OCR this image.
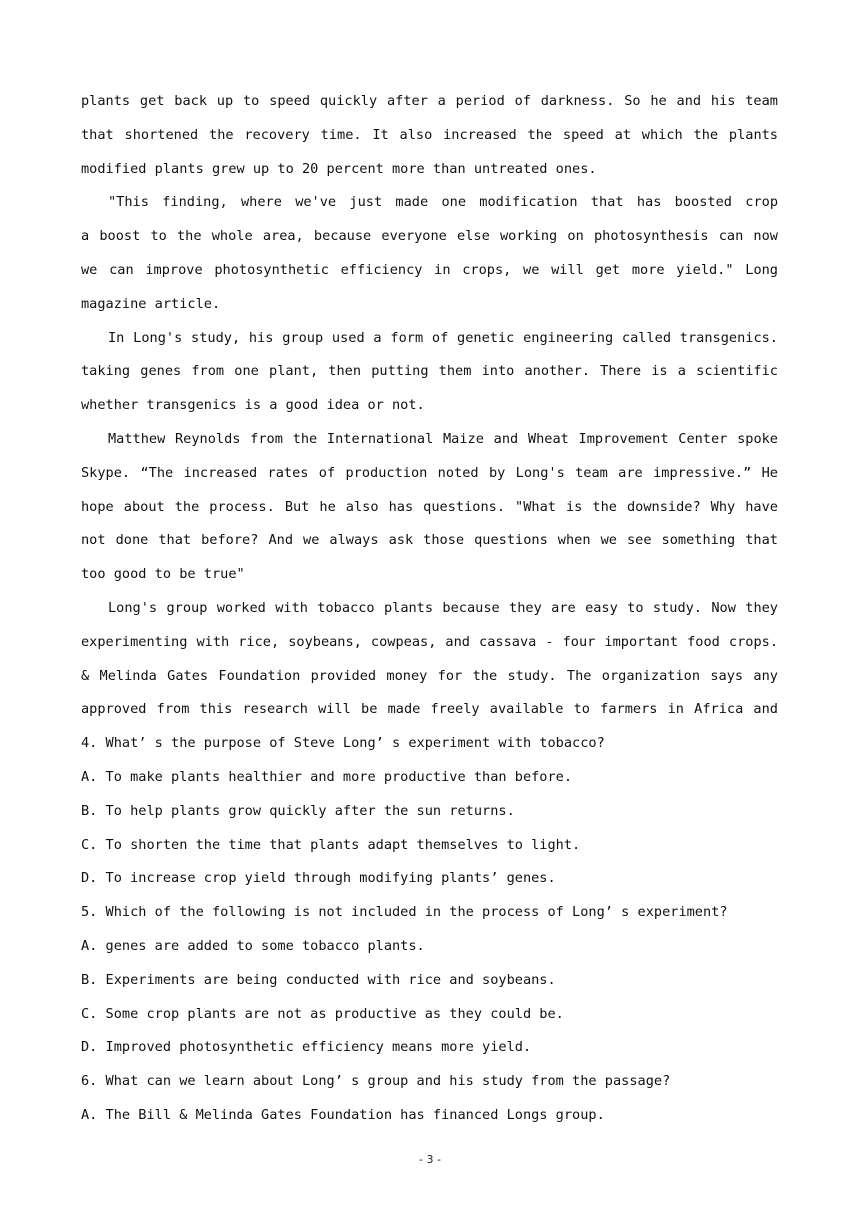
plants get back up to speed quickly after a period of darkness. So he and his team
that shortened the recovery time. It also increased the speed at which the plants
modified plants grew up to 20 percent more than untreated ones.
"This finding, where we've just made one modification that has boosted crop
a boost to the whole area, because everyone else working on photosynthesis can now
we can improve photosynthetic efficiency in crops, we will get more yield." Long
magazine article.
In Long's study, his group used a form of genetic engineering called transgenics.
taking genes from one plant, then putting them into another. There is a scientific
whether transgenics is a good idea or not.
Matthew Reynolds from the International Maize and Wheat Improvement Center spoke
Skype. “The increased rates of production noted by Long's team are impressive.” He
hope about the process. But he also has questions. "What is the downside? Why have
not done that before? And we always ask those questions when we see something that
too good to be true"
Long's group worked with tobacco plants because they are easy to study. Now they
experimenting with rice, soybeans, cowpeas, and cassava - four important food crops.
& Melinda Gates Foundation provided money for the study. The organization says any
approved from this research will be made freely available to farmers in Africa and
4. What’ s the purpose of Steve Long’ s experiment with tobacco?
A. To make plants healthier and more productive than before.
B. To help plants grow quickly after the sun returns.
C. To shorten the time that plants adapt themselves to light.
D. To increase crop yield through modifying plants’ genes.
5. Which of the following is not included in the process of Long’ s experiment?
A. genes are added to some tobacco plants.
B. Experiments are being conducted with rice and soybeans.
C. Some crop plants are not as productive as they could be.
D. Improved photosynthetic efficiency means more yield.
6. What can we learn about Long’ s group and his study from the passage?
A. The Bill & Melinda Gates Foundation has financed Longs group.
- 3 -
